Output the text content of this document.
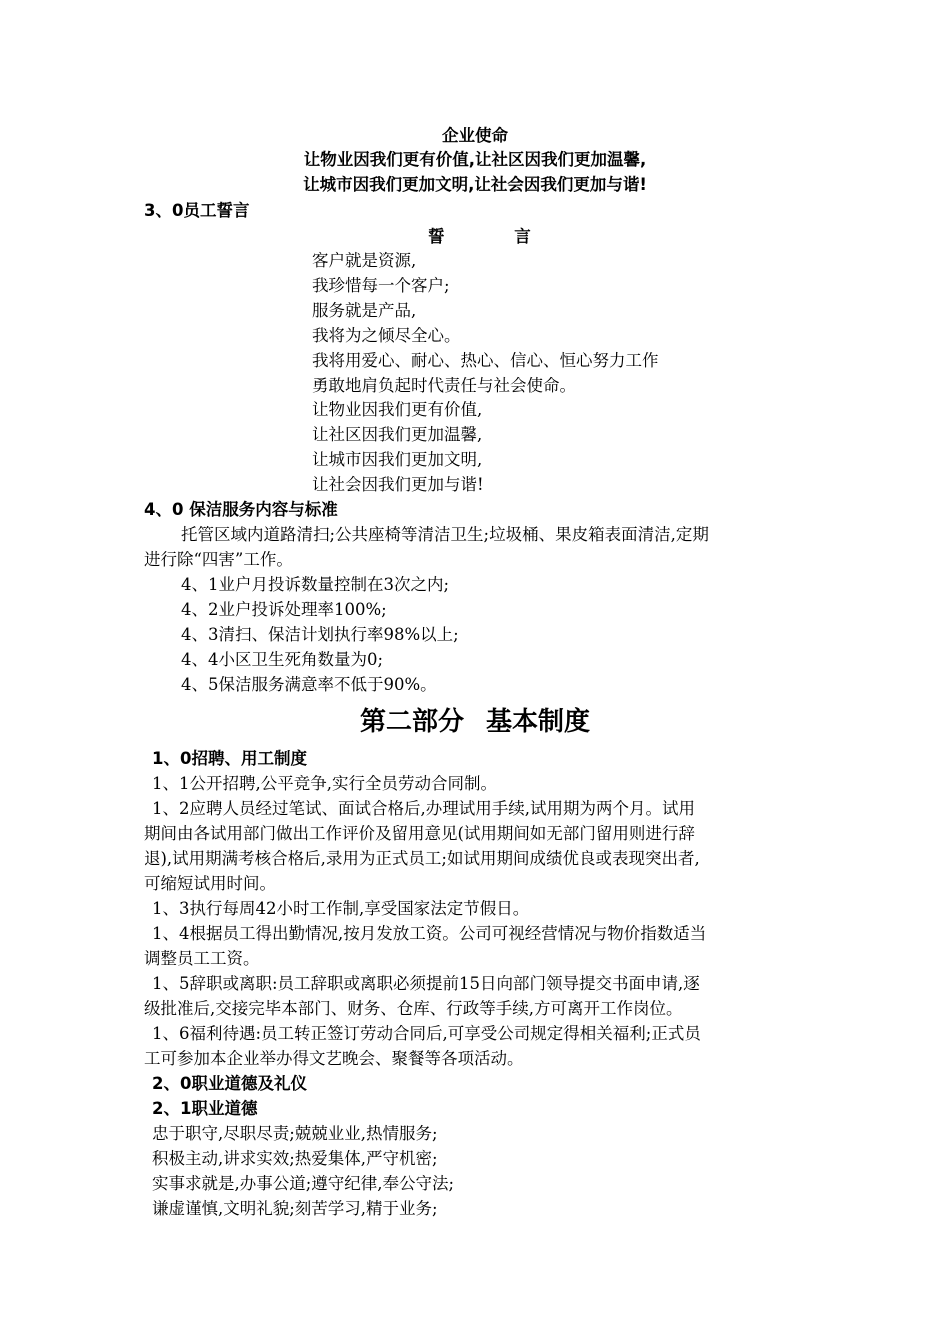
企业使命
让物业因我们更有价值,让社区因我们更加温馨,
让城市因我们更加文明,让社会因我们更加与谐!
3、0员工誓言
誓 言
客户就是资源,
我珍惜每一个客户;
服务就是产品,
我将为之倾尽全心。
我将用爱心、耐心、热心、信心、恒心努力工作
勇敢地肩负起时代责任与社会使命。
让物业因我们更有价值,
让社区因我们更加温馨,
让城市因我们更加文明,
让社会因我们更加与谐!
4、0 保洁服务内容与标准
托管区域内道路清扫;公共座椅等清洁卫生;垃圾桶、果皮箱表面清洁,定期
进行除“四害”工作。
4、1业户月投诉数量控制在3次之内;
4、2业户投诉处理率100%;
4、3清扫、保洁计划执行率98%以上;
4、4小区卫生死角数量为0;
4、5保洁服务满意率不低于90%。
第二部分 基本制度
1、0招聘、用工制度
1、1公开招聘,公平竞争,实行全员劳动合同制。
1、2应聘人员经过笔试、面试合格后,办理试用手续,试用期为两个月。试用
期间由各试用部门做出工作评价及留用意见(试用期间如无部门留用则进行辞
退),试用期满考核合格后,录用为正式员工;如试用期间成绩优良或表现突出者,
可缩短试用时间。
1、3执行每周42小时工作制,享受国家法定节假日。
1、4根据员工得出勤情况,按月发放工资。公司可视经营情况与物价指数适当
调整员工工资。
1、5辞职或离职:员工辞职或离职必须提前15日向部门领导提交书面申请,逐
级批准后,交接完毕本部门、财务、仓库、行政等手续,方可离开工作岗位。
1、6福利待遇:员工转正签订劳动合同后,可享受公司规定得相关福利;正式员
工可参加本企业举办得文艺晚会、聚餐等各项活动。
2、0职业道德及礼仪
2、1职业道德
忠于职守,尽职尽责;兢兢业业,热情服务;
积极主动,讲求实效;热爱集体,严守机密;
实事求就是,办事公道;遵守纪律,奉公守法;
谦虚谨慎,文明礼貌;刻苦学习,精于业务;
